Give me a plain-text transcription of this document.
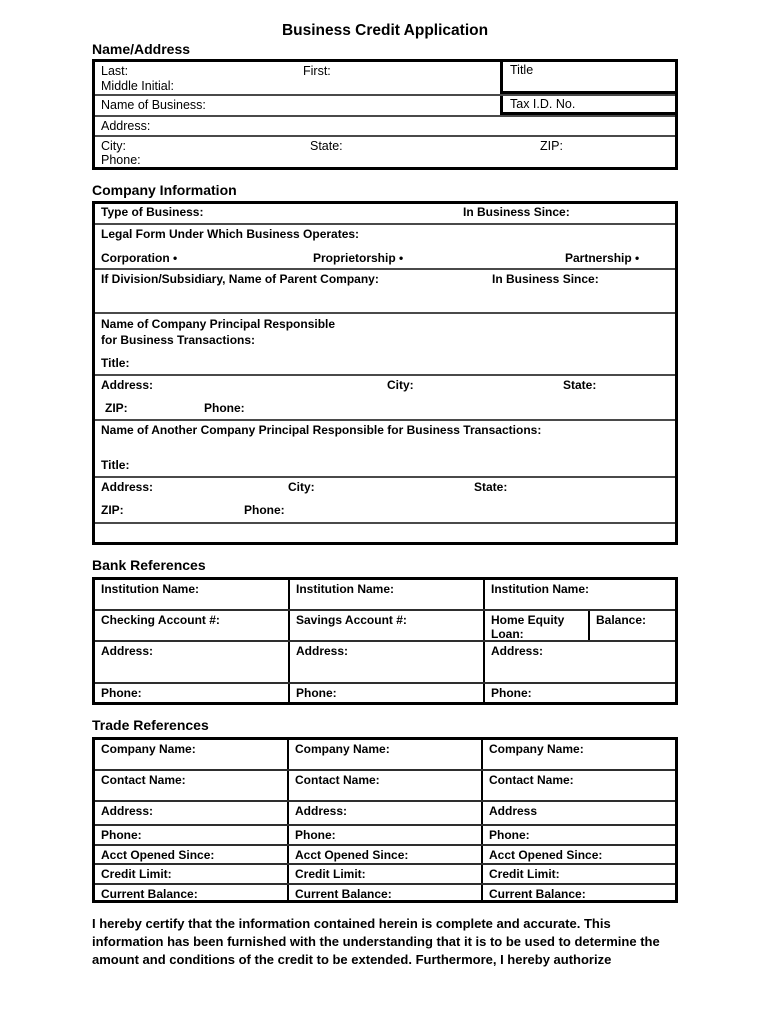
Business Credit Application
Name/Address
Last:	First:
Middle Initial:
Title
Name of Business:	Tax I.D. No.
Address:
City:	State:	ZIP:
Phone:
Company Information
Type of Business:	In Business Since:
Legal Form Under Which Business Operates:
Corporation •	Proprietorship •	Partnership •
If Division/Subsidiary, Name of Parent Company:	In Business Since:
Name of Company Principal Responsible
for Business Transactions:
Title:
Address:	City:	State:
ZIP:	Phone:
Name of Another Company Principal Responsible for Business Transactions:
Title:
Address:	City:	State:
ZIP:	Phone:
Bank References
Institution Name:	Institution Name:	Institution Name:
Checking Account #:	Savings Account #:	Home Equity
Loan:
Balance:
Address:	Address:	Address:
Phone:	Phone:	Phone:
Trade References
Company Name:	Company Name:	Company Name:
Contact Name:	Contact Name:	Contact Name:
Address:	Address:	Address
Phone:	Phone:	Phone:
Acct Opened Since:	Acct Opened Since:	Acct Opened Since:
Credit Limit:	Credit Limit:	Credit Limit:
Current Balance:	Current Balance:	Current Balance:
I hereby certify that the information contained herein is complete and accurate. This information has been furnished with the understanding that it is to be used to determine the amount and conditions of the credit to be extended. Furthermore, I hereby authorize
